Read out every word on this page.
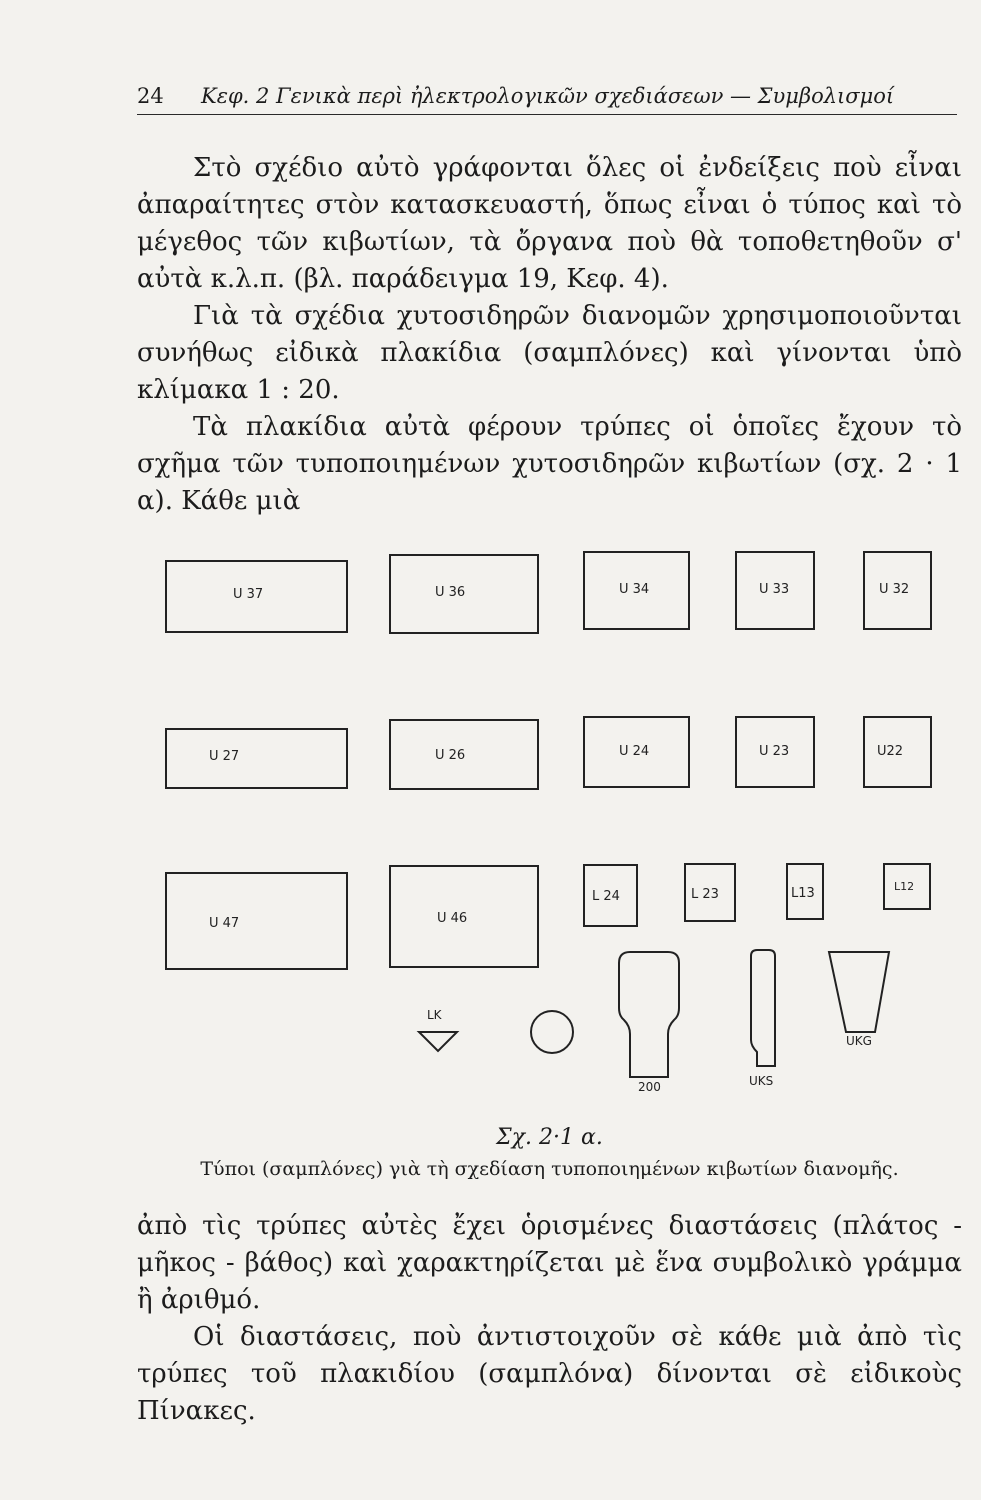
24 Κεφ. 2 Γενικὰ περὶ ἠλεκτρολογικῶν σχεδιάσεων — Συμβολισμοί

Στὸ σχέδιο αὐτὸ γράφονται ὅλες οἱ ἐνδείξεις ποὺ εἶναι ἀπαραίτητες στὸν κατασκευαστή, ὅπως εἶναι ὁ τύπος καὶ τὸ μέγεθος τῶν κιβωτίων, τὰ ὄργανα ποὺ θὰ τοποθετηθοῦν σ' αὐτὰ κ.λ.π. (βλ. παράδειγμα 19, Κεφ. 4).

Γιὰ τὰ σχέδια χυτοσιδηρῶν διανομῶν χρησιμοποιοῦνται συνήθως εἰδικὰ πλακίδια (σαμπλόνες) καὶ γίνονται ὑπὸ κλίμακα 1 : 20.

Τὰ πλακίδια αὐτὰ φέρουν τρύπες οἱ ὁποῖες ἔχουν τὸ σχῆμα τῶν τυποποιημένων χυτοσιδηρῶν κιβωτίων (σχ. 2 · 1 α). Κάθε μιὰ

U 37	U 36	U 34	U 33	U 32
U 27	U 26	U 24	U 23	U22
U 47	U 46
L 24	L 23	L13	L12
LK
200	UKS
UKG
Σχ. 2·1 α.
Τύποι (σαμπλόνες) γιὰ τὴ σχεδίαση τυποποιημένων κιβωτίων διανομῆς.

ἀπὸ τὶς τρύπες αὐτὲς ἔχει ὁρισμένες διαστάσεις (πλάτος - μῆκος - βάθος) καὶ χαρακτηρίζεται μὲ ἕνα συμβολικὸ γράμμα ἢ ἀριθμό.

Οἱ διαστάσεις, ποὺ ἀντιστοιχοῦν σὲ κάθε μιὰ ἀπὸ τὶς τρύπες τοῦ πλακιδίου (σαμπλόνα) δίνονται σὲ εἰδικοὺς Πίνακες.
